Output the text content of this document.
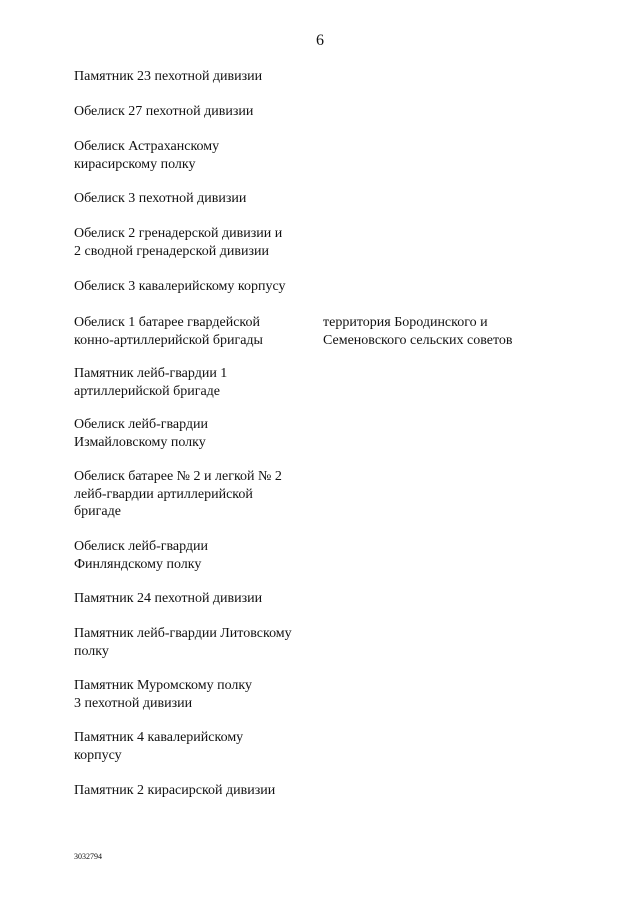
6
Памятник 23 пехотной дивизии
Обелиск 27 пехотной дивизии
Обелиск Астраханскому
кирасирскому полку
Обелиск 3 пехотной дивизии
Обелиск 2 гренадерской дивизии и
2 сводной гренадерской дивизии
Обелиск 3 кавалерийскому корпусу
Обелиск 1 батарее гвардейской
конно-артиллерийской бригады
Памятник лейб-гвардии 1
артиллерийской бригаде
Обелиск лейб-гвардии
Измайловскому полку
Обелиск батарее № 2 и легкой № 2
лейб-гвардии артиллерийской
бригаде
Обелиск лейб-гвардии
Финляндскому полку
Памятник 24 пехотной дивизии
Памятник лейб-гвардии Литовскому
полку
Памятник Муромскому полку
3 пехотной дивизии
Памятник 4 кавалерийскому
корпусу
Памятник 2 кирасирской дивизии
территория Бородинского и
Семеновского сельских советов
3032794
